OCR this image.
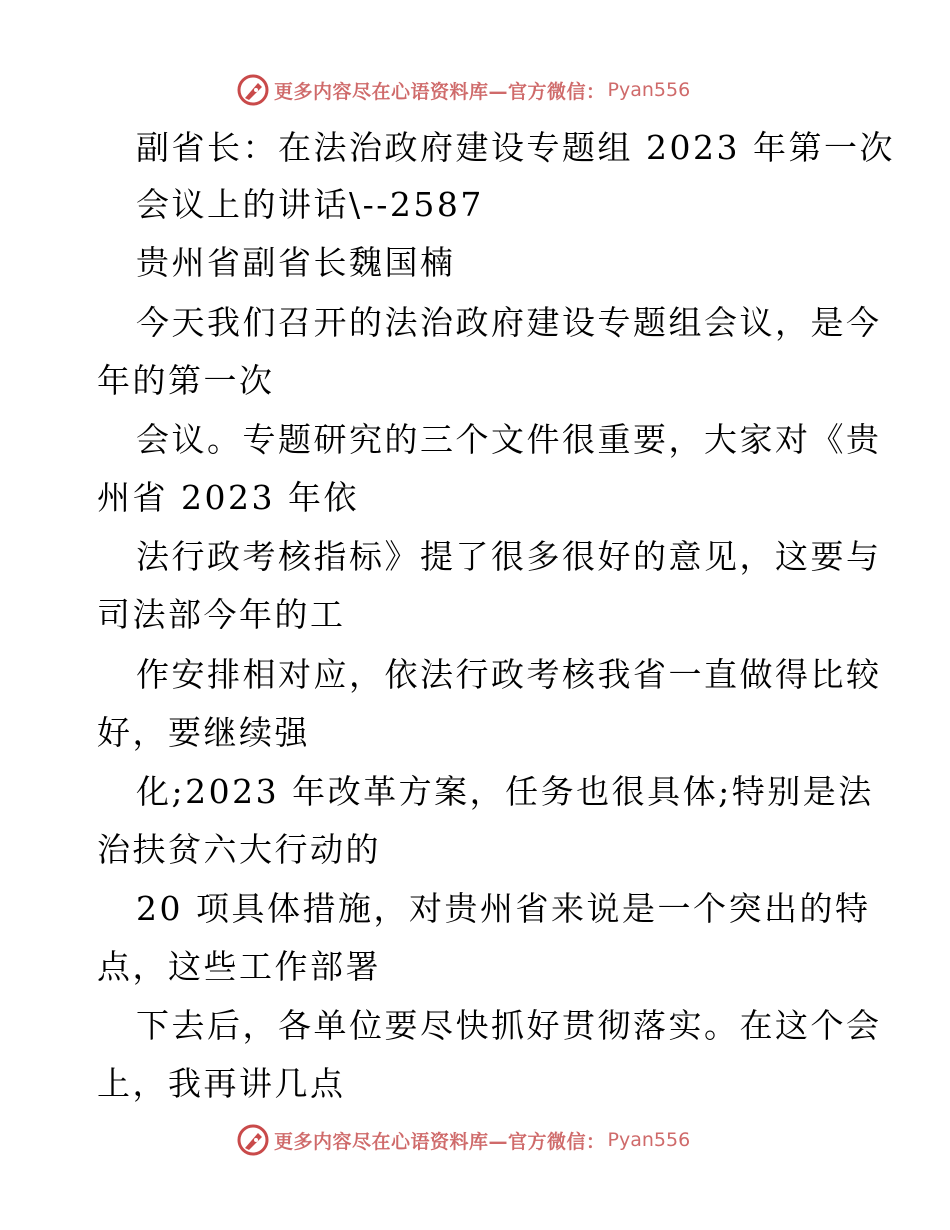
更多内容尽在心语资料库—官方微信： Pyan556
副省长：在法治政府建设专题组 2023 年第一次
会议上的讲话\--2587
贵州省副省长魏国楠
今天我们召开的法治政府建设专题组会议，是今
年的第一次
会议。专题研究的三个文件很重要，大家对《贵
州省 2023 年依
法行政考核指标》提了很多很好的意见，这要与
司法部今年的工
作安排相对应，依法行政考核我省一直做得比较
好，要继续强
化;2023 年改革方案，任务也很具体;特别是法
治扶贫六大行动的
20 项具体措施，对贵州省来说是一个突出的特
点，这些工作部署
下去后，各单位要尽快抓好贯彻落实。在这个会
上，我再讲几点
更多内容尽在心语资料库—官方微信： Pyan556
